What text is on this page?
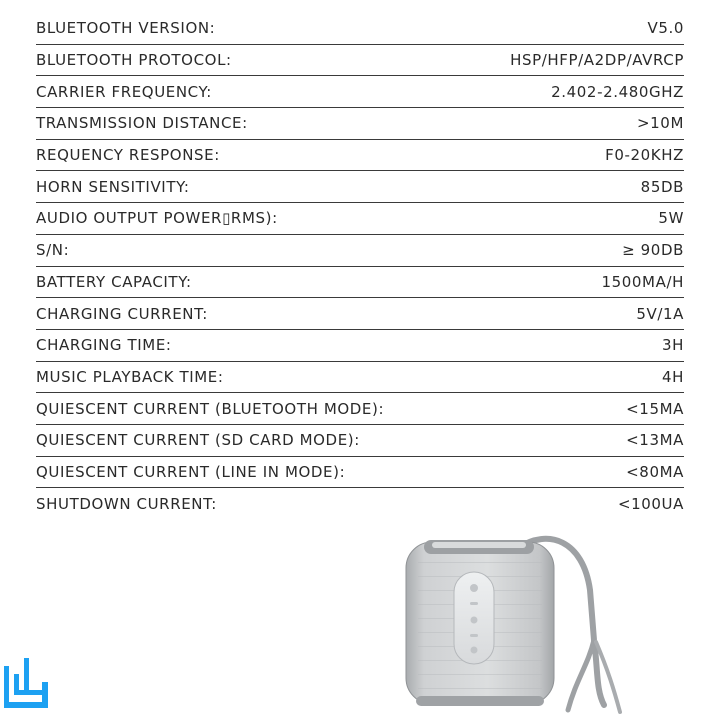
BLUETOOTH VERSION:	V5.0
BLUETOOTH PROTOCOL:	HSP/HFP/A2DP/AVRCP
CARRIER FREQUENCY:	2.402-2.480GHZ
TRANSMISSION DISTANCE:	>10M
REQUENCY RESPONSE:	F0-20KHZ
HORN SENSITIVITY:	85DB
AUDIO OUTPUT POWER▯RMS):	5W
S/N:	≥ 90DB
BATTERY CAPACITY:	1500MA/H
CHARGING CURRENT:	5V/1A
CHARGING TIME:	3H
MUSIC PLAYBACK TIME:	4H
QUIESCENT CURRENT (BLUETOOTH MODE):	<15MA
QUIESCENT CURRENT (SD CARD MODE):	<13MA
QUIESCENT CURRENT (LINE IN MODE):	<80MA
SHUTDOWN CURRENT:	<100UA
